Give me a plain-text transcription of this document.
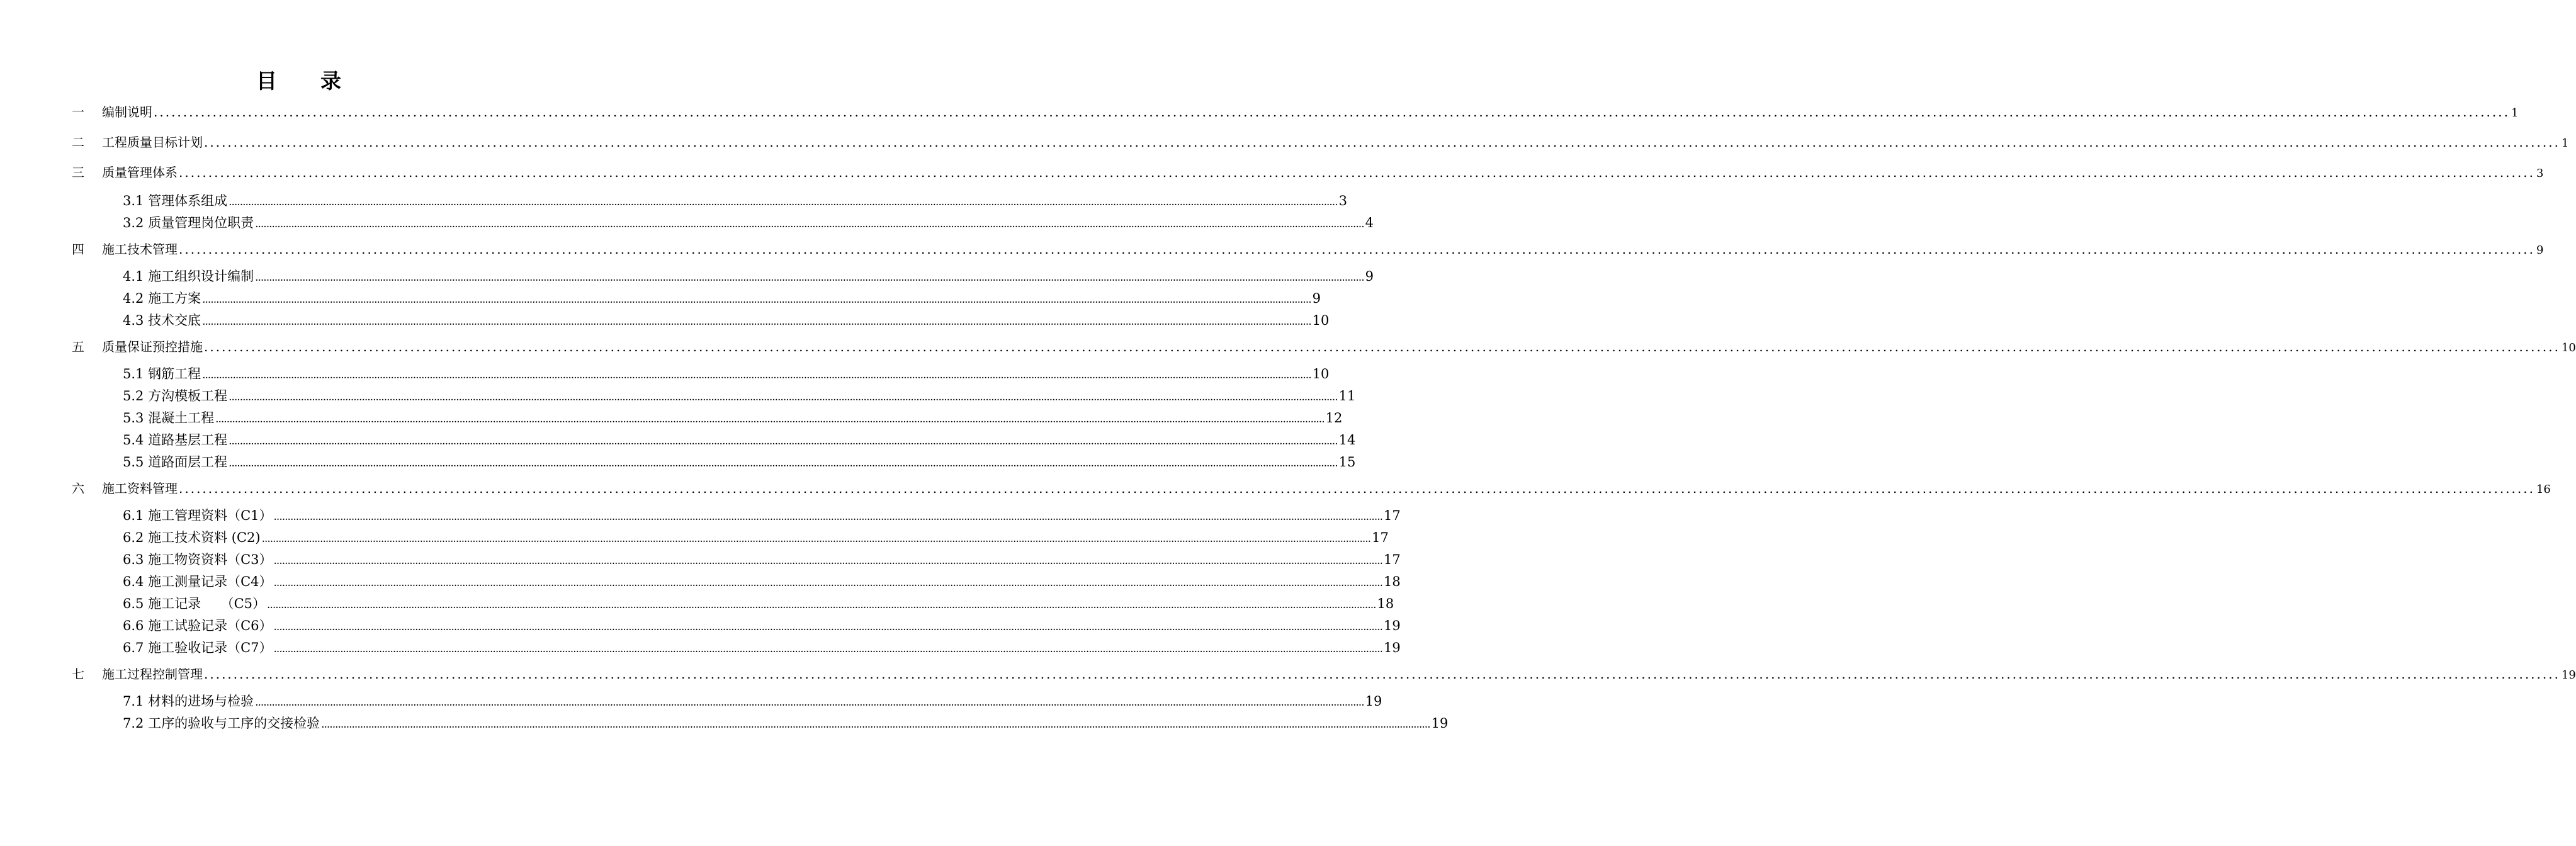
目　　录
一	编制说明 ................................................................................................................................................................................................................................................................................................................................................................................................................ 1
二	工程质量目标计划 ................................................................................................................................................................................................................................................................................................................................................................................................................ 1
三	质量管理体系 ................................................................................................................................................................................................................................................................................................................................................................................................................ 3
3.1 管理体系组成 ................................................................................................................................................................................................................................................................................................................................................................................................................ 3
3.2 质量管理岗位职责 ................................................................................................................................................................................................................................................................................................................................................................................................................ 4
四	施工技术管理 ................................................................................................................................................................................................................................................................................................................................................................................................................ 9
4.1 施工组织设计编制 ................................................................................................................................................................................................................................................................................................................................................................................................................ 9
4.2 施工方案 ................................................................................................................................................................................................................................................................................................................................................................................................................ 9
4.3 技术交底 ................................................................................................................................................................................................................................................................................................................................................................................................................ 10
五	质量保证预控措施 ................................................................................................................................................................................................................................................................................................................................................................................................................ 10
5.1 钢筋工程 ................................................................................................................................................................................................................................................................................................................................................................................................................ 10
5.2 方沟模板工程 ................................................................................................................................................................................................................................................................................................................................................................................................................ 11
5.3 混凝土工程 ................................................................................................................................................................................................................................................................................................................................................................................................................ 12
5.4 道路基层工程 ................................................................................................................................................................................................................................................................................................................................................................................................................ 14
5.5 道路面层工程 ................................................................................................................................................................................................................................................................................................................................................................................................................ 15
六	施工资料管理 ................................................................................................................................................................................................................................................................................................................................................................................................................ 16
6.1 施工管理资料（C1） ................................................................................................................................................................................................................................................................................................................................................................................................................ 17
6.2 施工技术资料 (C2) ................................................................................................................................................................................................................................................................................................................................................................................................................ 17
6.3 施工物资资料（C3） ................................................................................................................................................................................................................................................................................................................................................................................................................ 17
6.4 施工测量记录（C4） ................................................................................................................................................................................................................................................................................................................................................................................................................ 18
6.5 施工记录　　（C5） ................................................................................................................................................................................................................................................................................................................................................................................................................ 18
6.6 施工试验记录（C6） ................................................................................................................................................................................................................................................................................................................................................................................................................ 19
6.7 施工验收记录（C7） ................................................................................................................................................................................................................................................................................................................................................................................................................ 19
七	施工过程控制管理 ................................................................................................................................................................................................................................................................................................................................................................................................................ 19
7.1 材料的进场与检验 ................................................................................................................................................................................................................................................................................................................................................................................................................ 19
7.2 工序的验收与工序的交接检验 ................................................................................................................................................................................................................................................................................................................................................................................................................ 19
